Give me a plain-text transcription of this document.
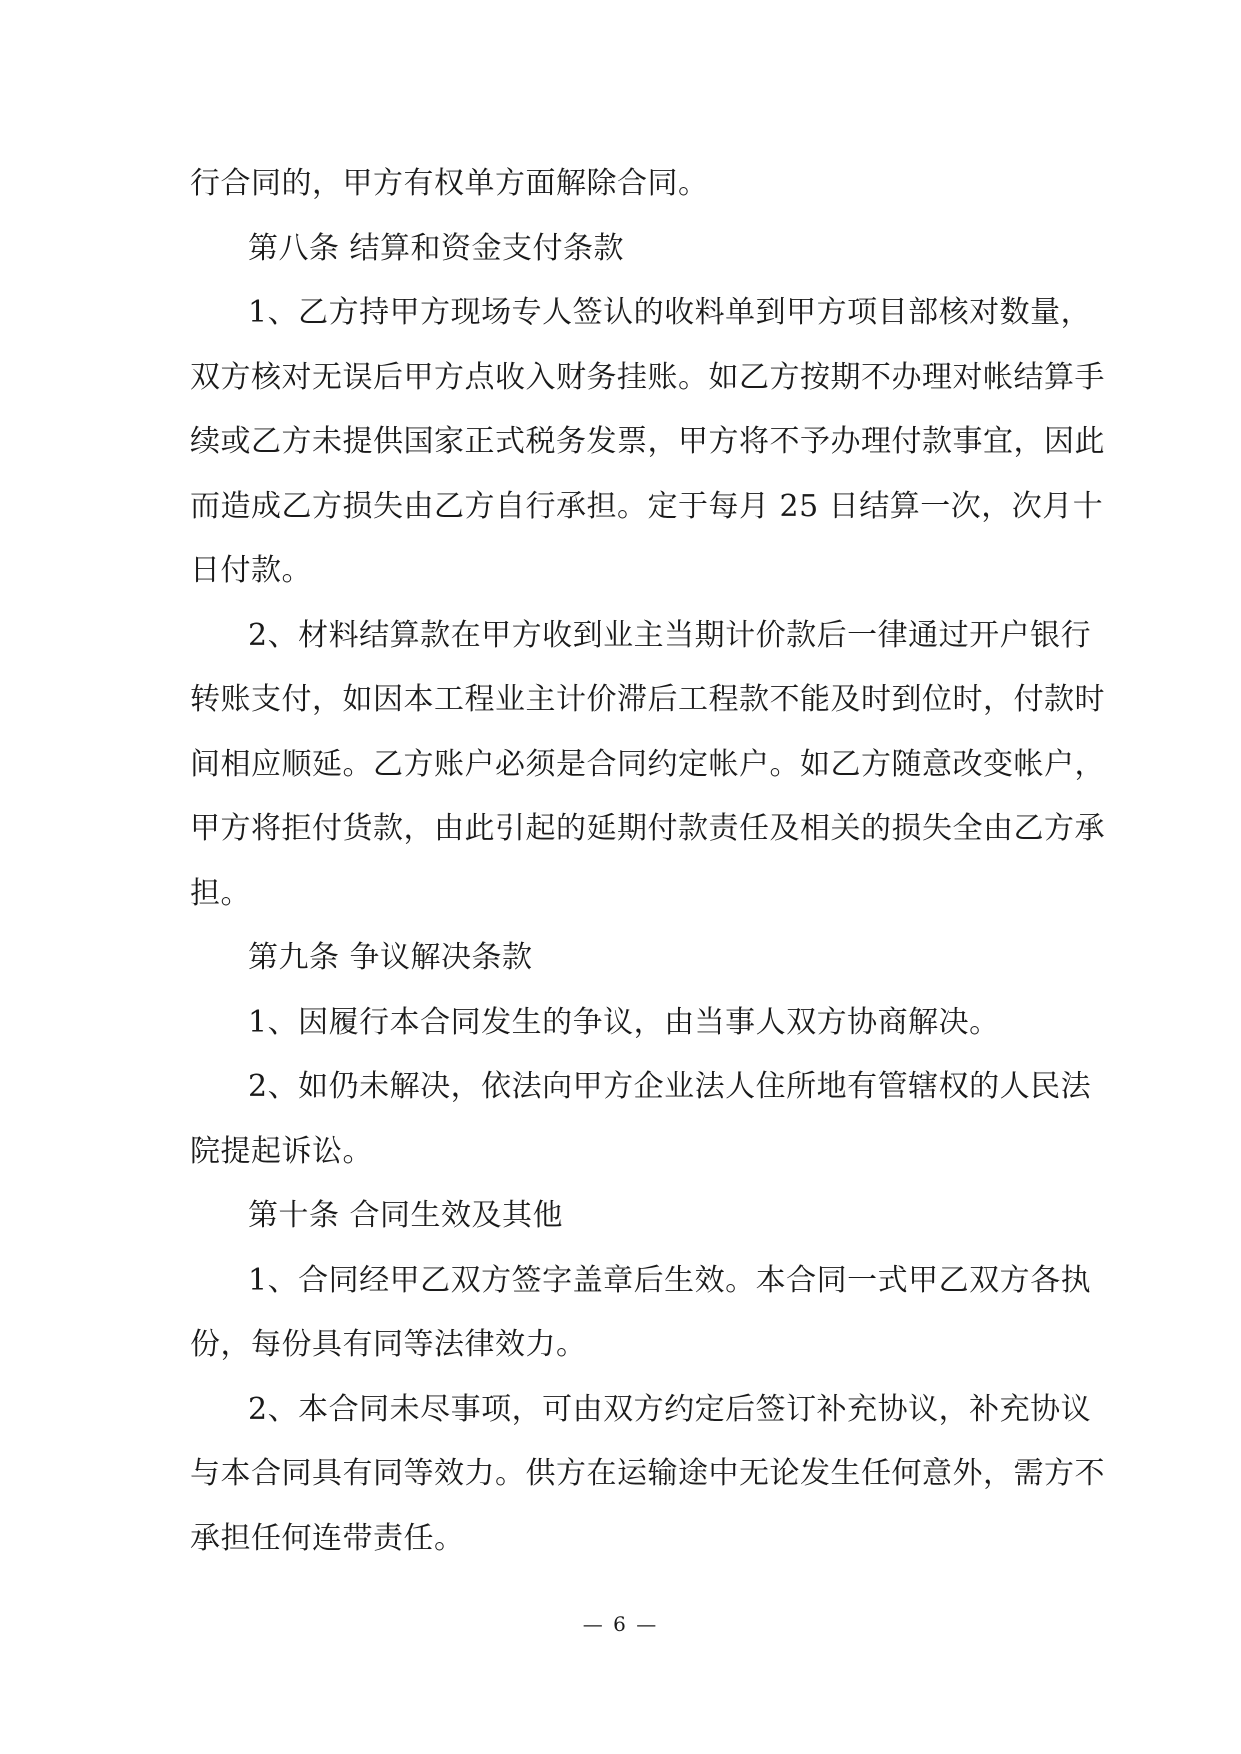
行合同的，甲方有权单方面解除合同。
第八条 结算和资金支付条款
1、乙方持甲方现场专人签认的收料单到甲方项目部核对数量，
双方核对无误后甲方点收入财务挂账。如乙方按期不办理对帐结算手
续或乙方未提供国家正式税务发票，甲方将不予办理付款事宜，因此
而造成乙方损失由乙方自行承担。定于每月 25 日结算一次，次月十
日付款。
2、材料结算款在甲方收到业主当期计价款后一律通过开户银行
转账支付，如因本工程业主计价滞后工程款不能及时到位时，付款时
间相应顺延。乙方账户必须是合同约定帐户。如乙方随意改变帐户，
甲方将拒付货款，由此引起的延期付款责任及相关的损失全由乙方承
担。
第九条 争议解决条款
1、因履行本合同发生的争议，由当事人双方协商解决。
2、如仍未解决，依法向甲方企业法人住所地有管辖权的人民法
院提起诉讼。
第十条 合同生效及其他
1、合同经甲乙双方签字盖章后生效。本合同一式甲乙双方各执
份，每份具有同等法律效力。
2、本合同未尽事项，可由双方约定后签订补充协议，补充协议
与本合同具有同等效力。供方在运输途中无论发生任何意外，需方不
承担任何连带责任。
— 6 —
